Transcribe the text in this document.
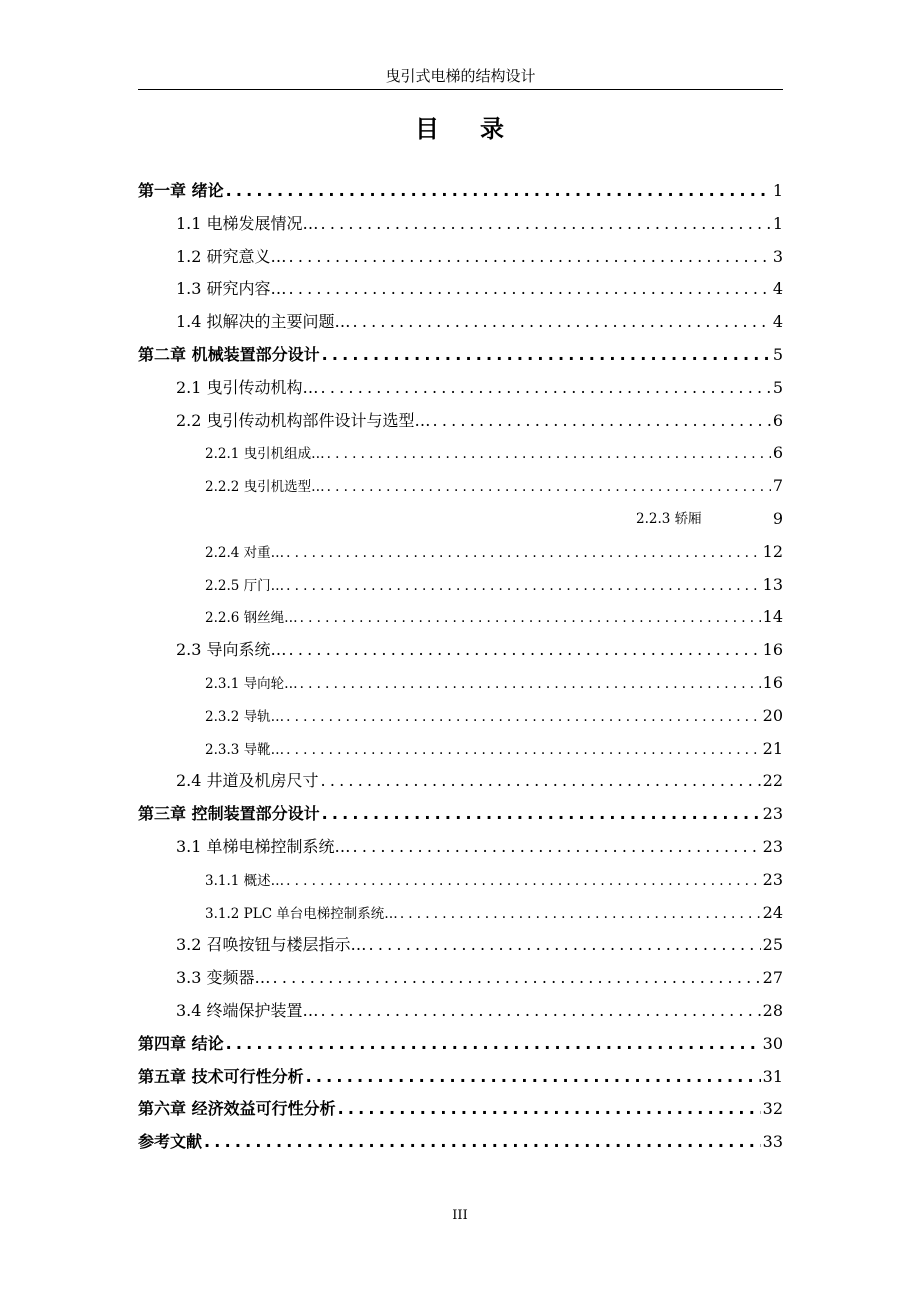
曳引式电梯的结构设计
目 录
第一章 绪论 .....	1
1.1 电梯发展情况… .....	1
1.2 研究意义… .....	3
1.3 研究内容… .....	4
1.4 拟解决的主要问题… .....	4
第二章 机械装置部分设计 .....	5
2.1 曳引传动机构… .....	5
2.2 曳引传动机构部件设计与选型… .....	6
2.2.1 曳引机组成… .....	6
2.2.2 曳引机选型… .....	7
2.2.3 轿厢	9
2.2.4 对重… .....	12
2.2.5 厅门… .....	13
2.2.6 钢丝绳… .....	14
2.3 导向系统… .....	16
2.3.1 导向轮… .....	16
2.3.2 导轨… .....	20
2.3.3 导靴… .....	21
2.4 井道及机房尺寸 .....	22
第三章 控制装置部分设计 .....	23
3.1 单梯电梯控制系统… .....	23
3.1.1 概述… .....	23
3.1.2 PLC 单台电梯控制系统… .....	24
3.2 召唤按钮与楼层指示… .....	25
3.3 变频器… .....	27
3.4 终端保护装置… .....	28
第四章 结论 .....	30
第五章 技术可行性分析 .....	31
第六章 经济效益可行性分析 .....	32
参考文献 .....	33
III
